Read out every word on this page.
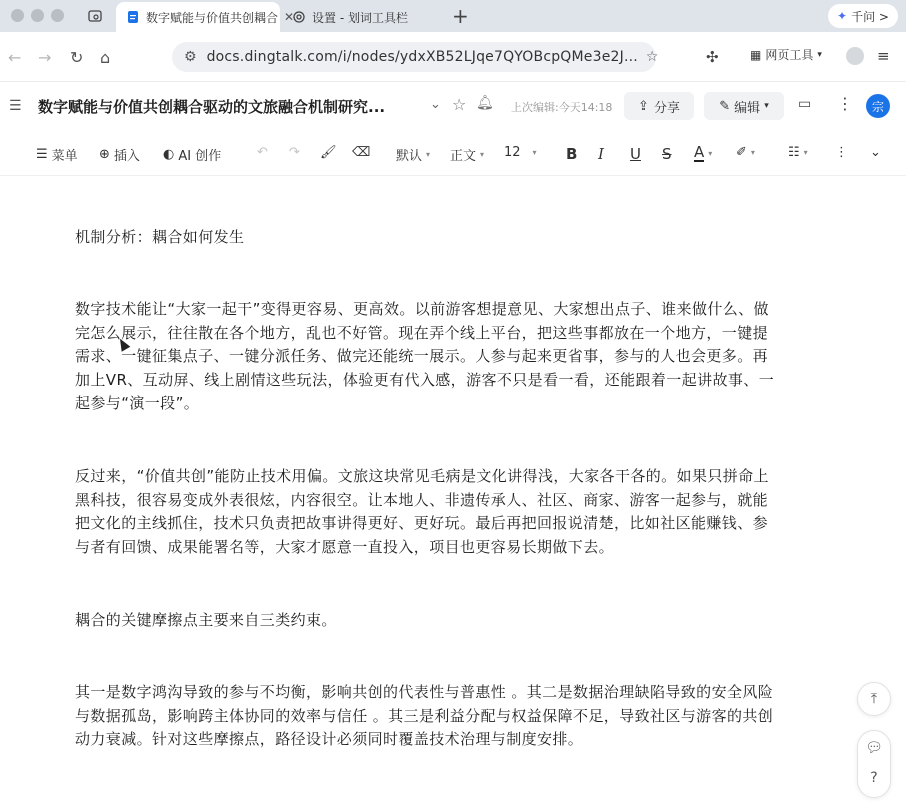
数字赋能与价值共创耦合 ✕ 设置 - 划词工具栏	+	✦ 千问 >
← → ↻ ⌂	⚙ docs.dingtalk.com/i/nodes/ydxXB52LJqe7QYOBcpQMe3e2J... ☆	✣	▦ 网页工具 ▾	≡
☰ 数字赋能与价值共创耦合驱动的文旅融合机制研究...	⌄ ☆ 🔔︎ 上次编辑:今天14:18 ⇪ 分享	✎ 编辑 ▾ ▭ ⋮	宗
☰ 菜单 ⊕ 插入 ◐ AI 创作	↶ ↷ 🖌︎ ⌫ 默认 ▾ 正文 ▾ 12 ▾ B I U S A ▾ ✐ ▾	☷ ▾ ⋮ ⌄

机制分析：耦合如何发生

数字技术能让“大家一起干”变得更容易、更高效。以前游客想提意见、大家想出点子、谁来做什么、做完怎么展示，往往散在各个地方，乱也不好管。现在弄个线上平台，把这些事都放在一个地方，一键提需求、一键征集点子、一键分派任务、做完还能统一展示。人参与起来更省事，参与的人也会更多。再加上VR、互动屏、线上剧情这些玩法，体验更有代入感，游客不只是看一看，还能跟着一起讲故事、一起参与“演一段”。

反过来，“价值共创”能防止技术用偏。文旅这块常见毛病是文化讲得浅，大家各干各的。如果只拼命上黑科技，很容易变成外表很炫，内容很空。让本地人、非遗传承人、社区、商家、游客一起参与，就能把文化的主线抓住，技术只负责把故事讲得更好、更好玩。最后再把回报说清楚，比如社区能赚钱、参与者有回馈、成果能署名等，大家才愿意一直投入，项目也更容易长期做下去。

耦合的关键摩擦点主要来自三类约束。

其一是数字鸿沟导致的参与不均衡，影响共创的代表性与普惠性 。其二是数据治理缺陷导致的安全风险与数据孤岛，影响跨主体协同的效率与信任 。其三是利益分配与权益保障不足，导致社区与游客的共创动力衰减。针对这些摩擦点，路径设计必须同时覆盖技术治理与制度安排。

⤒
💬︎
?
